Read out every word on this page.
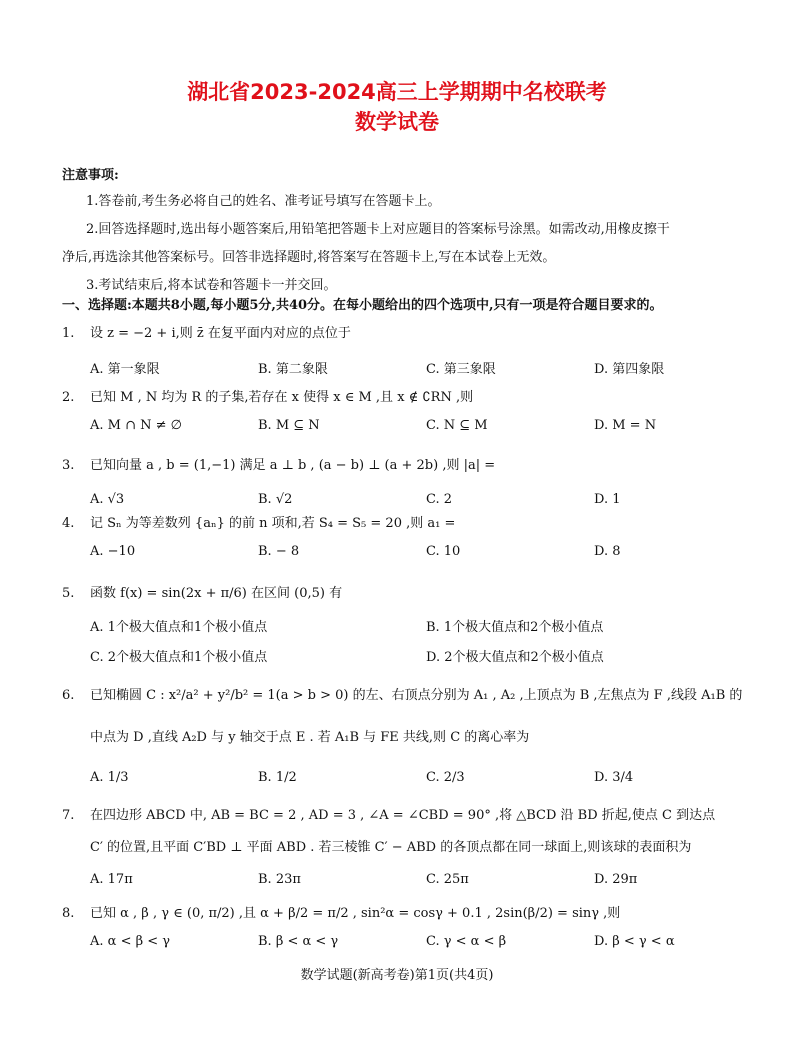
湖北省2023-2024高三上学期期中名校联考
数学试卷
注意事项:
1.答卷前,考生务必将自己的姓名、准考证号填写在答题卡上。
2.回答选择题时,选出每小题答案后,用铅笔把答题卡上对应题目的答案标号涂黑。如需改动,用橡皮擦干
净后,再选涂其他答案标号。回答非选择题时,将答案写在答题卡上,写在本试卷上无效。
3.考试结束后,将本试卷和答题卡一并交回。
一、选择题:本题共8小题,每小题5分,共40分。在每小题给出的四个选项中,只有一项是符合题目要求的。
1. 设 z = −2 + i,则 z̄ 在复平面内对应的点位于
A. 第一象限	B. 第二象限	C. 第三象限	D. 第四象限
2. 已知 M , N 均为 R 的子集,若存在 x 使得 x ∈ M ,且 x ∉ ∁RN ,则
A. M ∩ N ≠ ∅	B. M ⊆ N	C. N ⊆ M	D. M = N
3. 已知向量 a , b = (1,−1) 满足 a ⊥ b , (a − b) ⊥ (a + 2b) ,则 |a| =
A. √3	B. √2	C. 2	D. 1
4. 记 Sₙ 为等差数列 {aₙ} 的前 n 项和,若 S₄ = S₅ = 20 ,则 a₁ =
A. −10	B. − 8	C. 10	D. 8
5. 函数 f(x) = sin(2x + π/6) 在区间 (0,5) 有
A. 1个极大值点和1个极小值点	B. 1个极大值点和2个极小值点
C. 2个极大值点和1个极小值点	D. 2个极大值点和2个极小值点
6. 已知椭圆 C : x²/a² + y²/b² = 1(a > b > 0) 的左、右顶点分别为 A₁ , A₂ ,上顶点为 B ,左焦点为 F ,线段 A₁B 的
中点为 D ,直线 A₂D 与 y 轴交于点 E . 若 A₁B 与 FE 共线,则 C 的离心率为
A. 1/3	B. 1/2	C. 2/3	D. 3/4
7. 在四边形 ABCD 中, AB = BC = 2 , AD = 3 , ∠A = ∠CBD = 90° ,将 △BCD 沿 BD 折起,使点 C 到达点
C′ 的位置,且平面 C′BD ⊥ 平面 ABD . 若三棱锥 C′ − ABD 的各顶点都在同一球面上,则该球的表面积为
A. 17π	B. 23π	C. 25π	D. 29π
8. 已知 α , β , γ ∈ (0, π/2) ,且 α + β/2 = π/2 , sin²α = cosγ + 0.1 , 2sin(β/2) = sinγ ,则
A. α < β < γ	B. β < α < γ	C. γ < α < β	D. β < γ < α
数学试题(新高考卷)第1页(共4页)
